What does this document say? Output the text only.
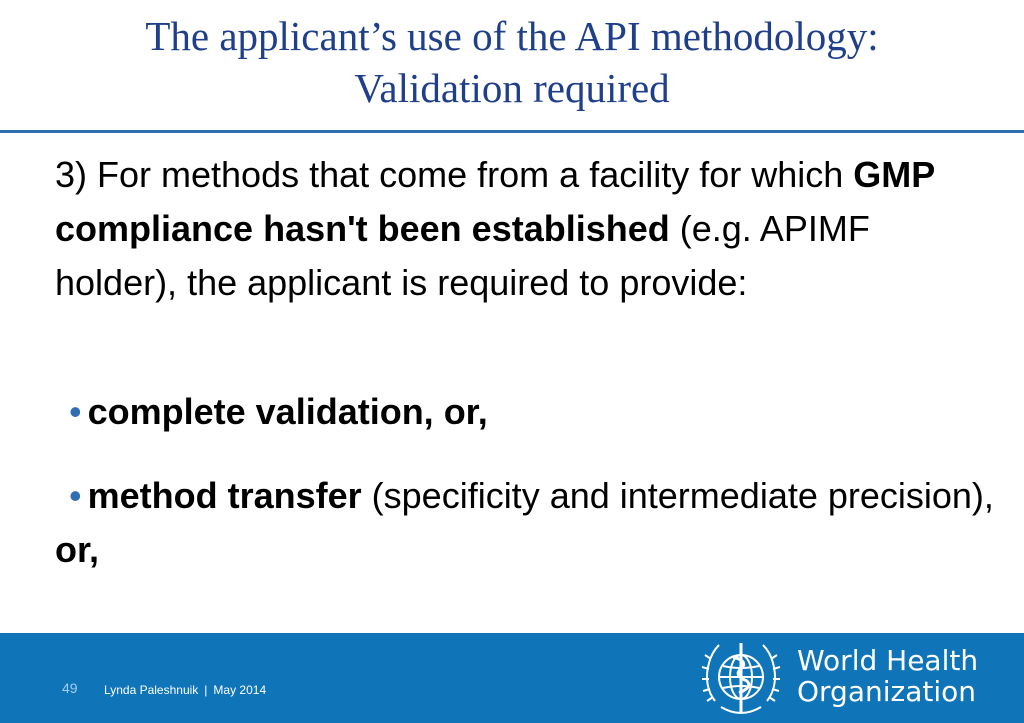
The applicant’s use of the API methodology:
Validation required
3) For methods that come from a facility for which GMP compliance hasn't been established (e.g. APIMF holder), the applicant is required to provide:
• complete validation, or,
• method transfer (specificity and intermediate precision), or,
49 Lynda Paleshnuik | May 2014
World Health
Organization
